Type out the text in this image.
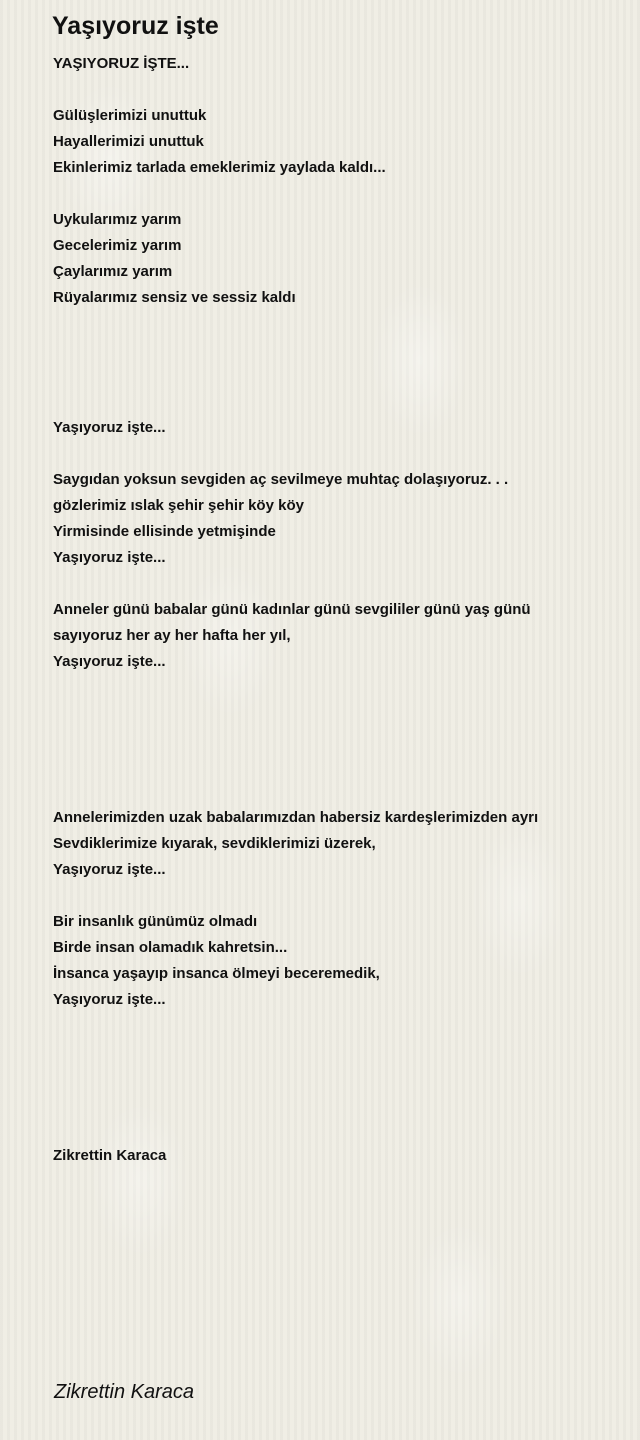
Yaşıyoruz işte
YAŞIYORUZ İŞTE...
Gülüşlerimizi unuttuk
Hayallerimizi unuttuk
Ekinlerimiz tarlada emeklerimiz yaylada kaldı...
Uykularımız yarım
Gecelerimiz yarım
Çaylarımız yarım
Rüyalarımız sensiz ve sessiz kaldı
Yaşıyoruz işte...
Saygıdan yoksun sevgiden aç sevilmeye muhtaç dolaşıyoruz. . .
gözlerimiz ıslak şehir şehir köy köy
Yirmisinde ellisinde yetmişinde
Yaşıyoruz işte...
Anneler günü babalar günü kadınlar günü sevgililer günü yaş günü
sayıyoruz her ay her hafta her yıl,
Yaşıyoruz işte...
Annelerimizden uzak babalarımızdan habersiz kardeşlerimizden ayrı
Sevdiklerimize kıyarak, sevdiklerimizi üzerek,
Yaşıyoruz işte...
Bir insanlık günümüz olmadı
Birde insan olamadık kahretsin...
İnsanca yaşayıp insanca ölmeyi beceremedik,
Yaşıyoruz işte...
Zikrettin Karaca

Zikrettin Karaca
